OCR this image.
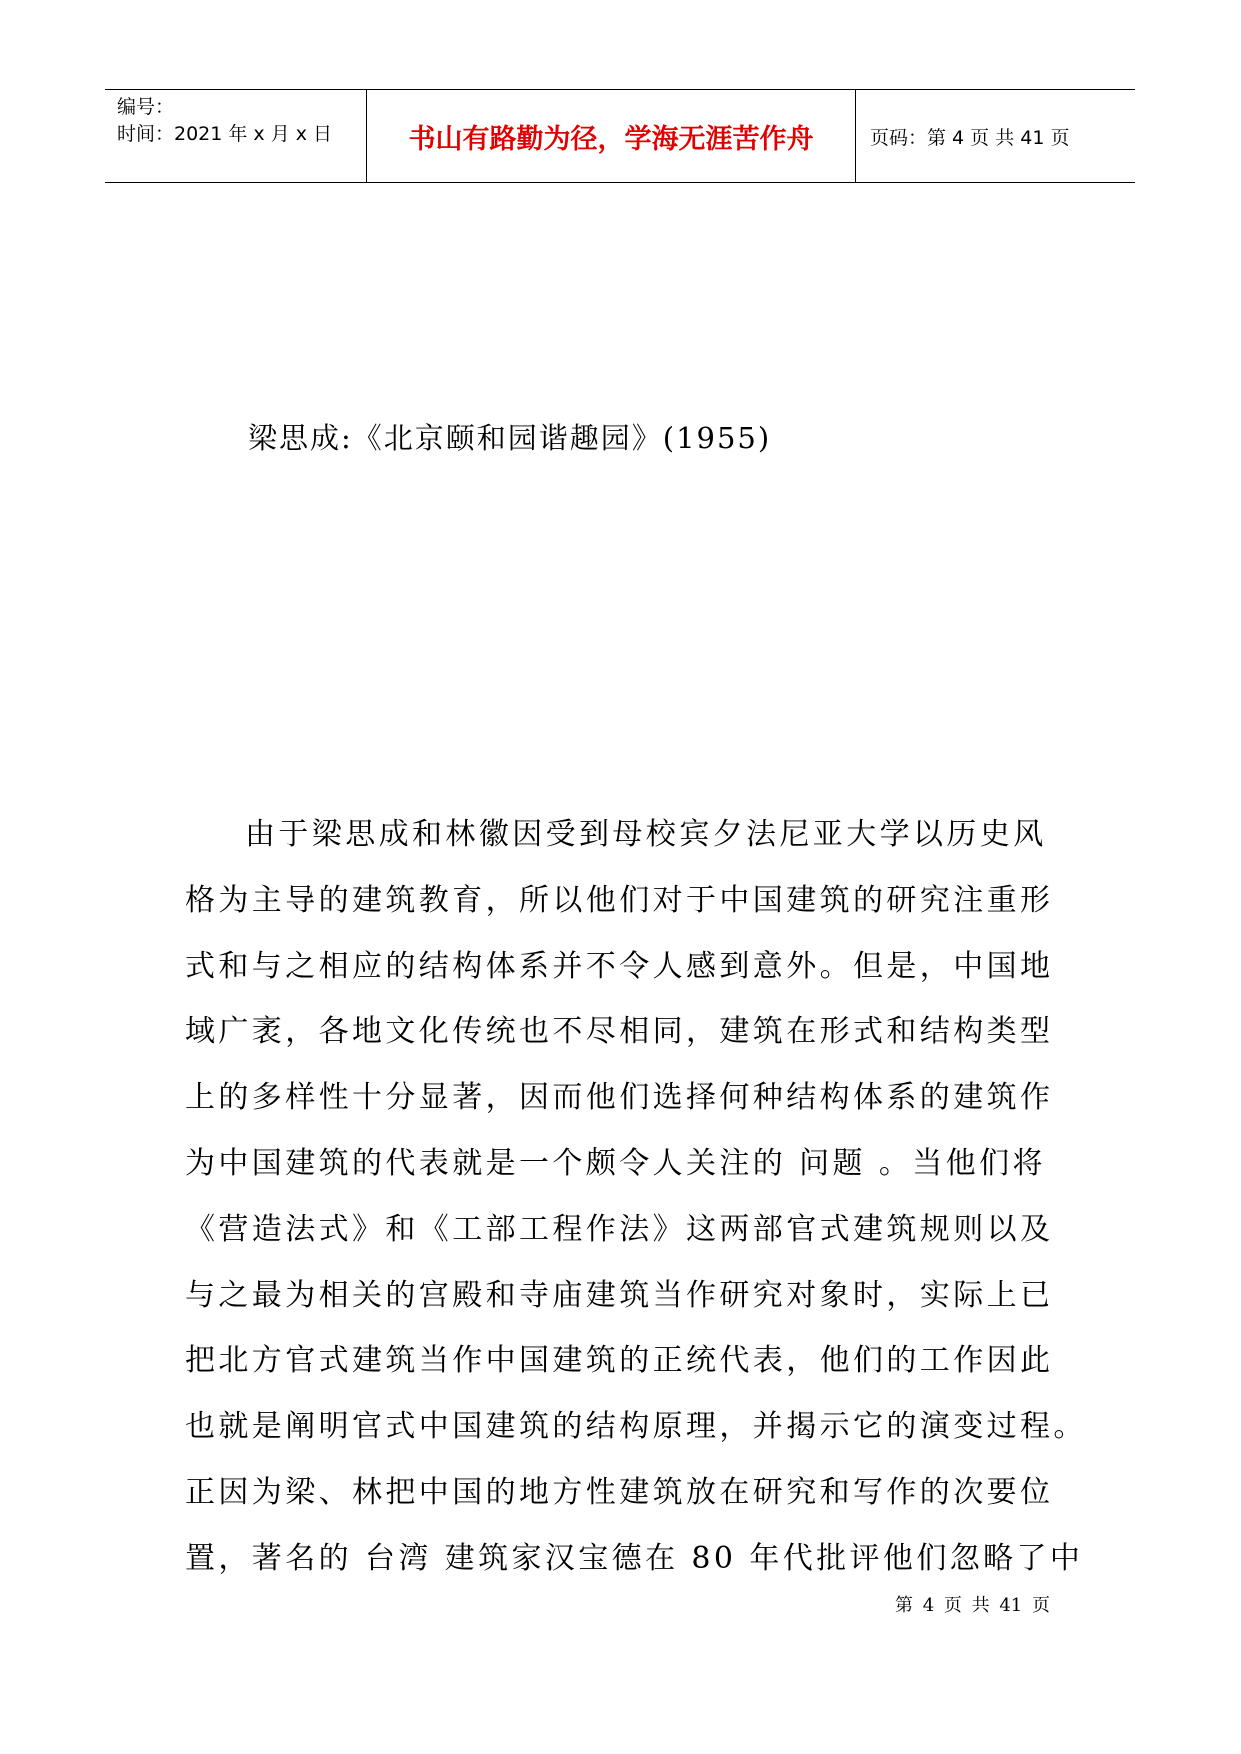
编号：
时间：2021 年 x 月 x 日	书山有路勤为径，学海无涯苦作舟	页码：第 4 页 共 41 页
梁思成:《北京颐和园谐趣园》(1955)
由于梁思成和林徽因受到母校宾夕法尼亚大学以历史风
格为主导的建筑教育，所以他们对于中国建筑的研究注重形
式和与之相应的结构体系并不令人感到意外。但是，中国地
域广袤，各地文化传统也不尽相同，建筑在形式和结构类型
上的多样性十分显著，因而他们选择何种结构体系的建筑作
为中国建筑的代表就是一个颇令人关注的 问题 。当他们将
《营造法式》和《工部工程作法》这两部官式建筑规则以及
与之最为相关的宫殿和寺庙建筑当作研究对象时，实际上已
把北方官式建筑当作中国建筑的正统代表，他们的工作因此
也就是阐明官式中国建筑的结构原理，并揭示它的演变过程。
正因为梁、林把中国的地方性建筑放在研究和写作的次要位
置，著名的 台湾 建筑家汉宝德在 80 年代批评他们忽略了中
第 4 页 共 41 页
